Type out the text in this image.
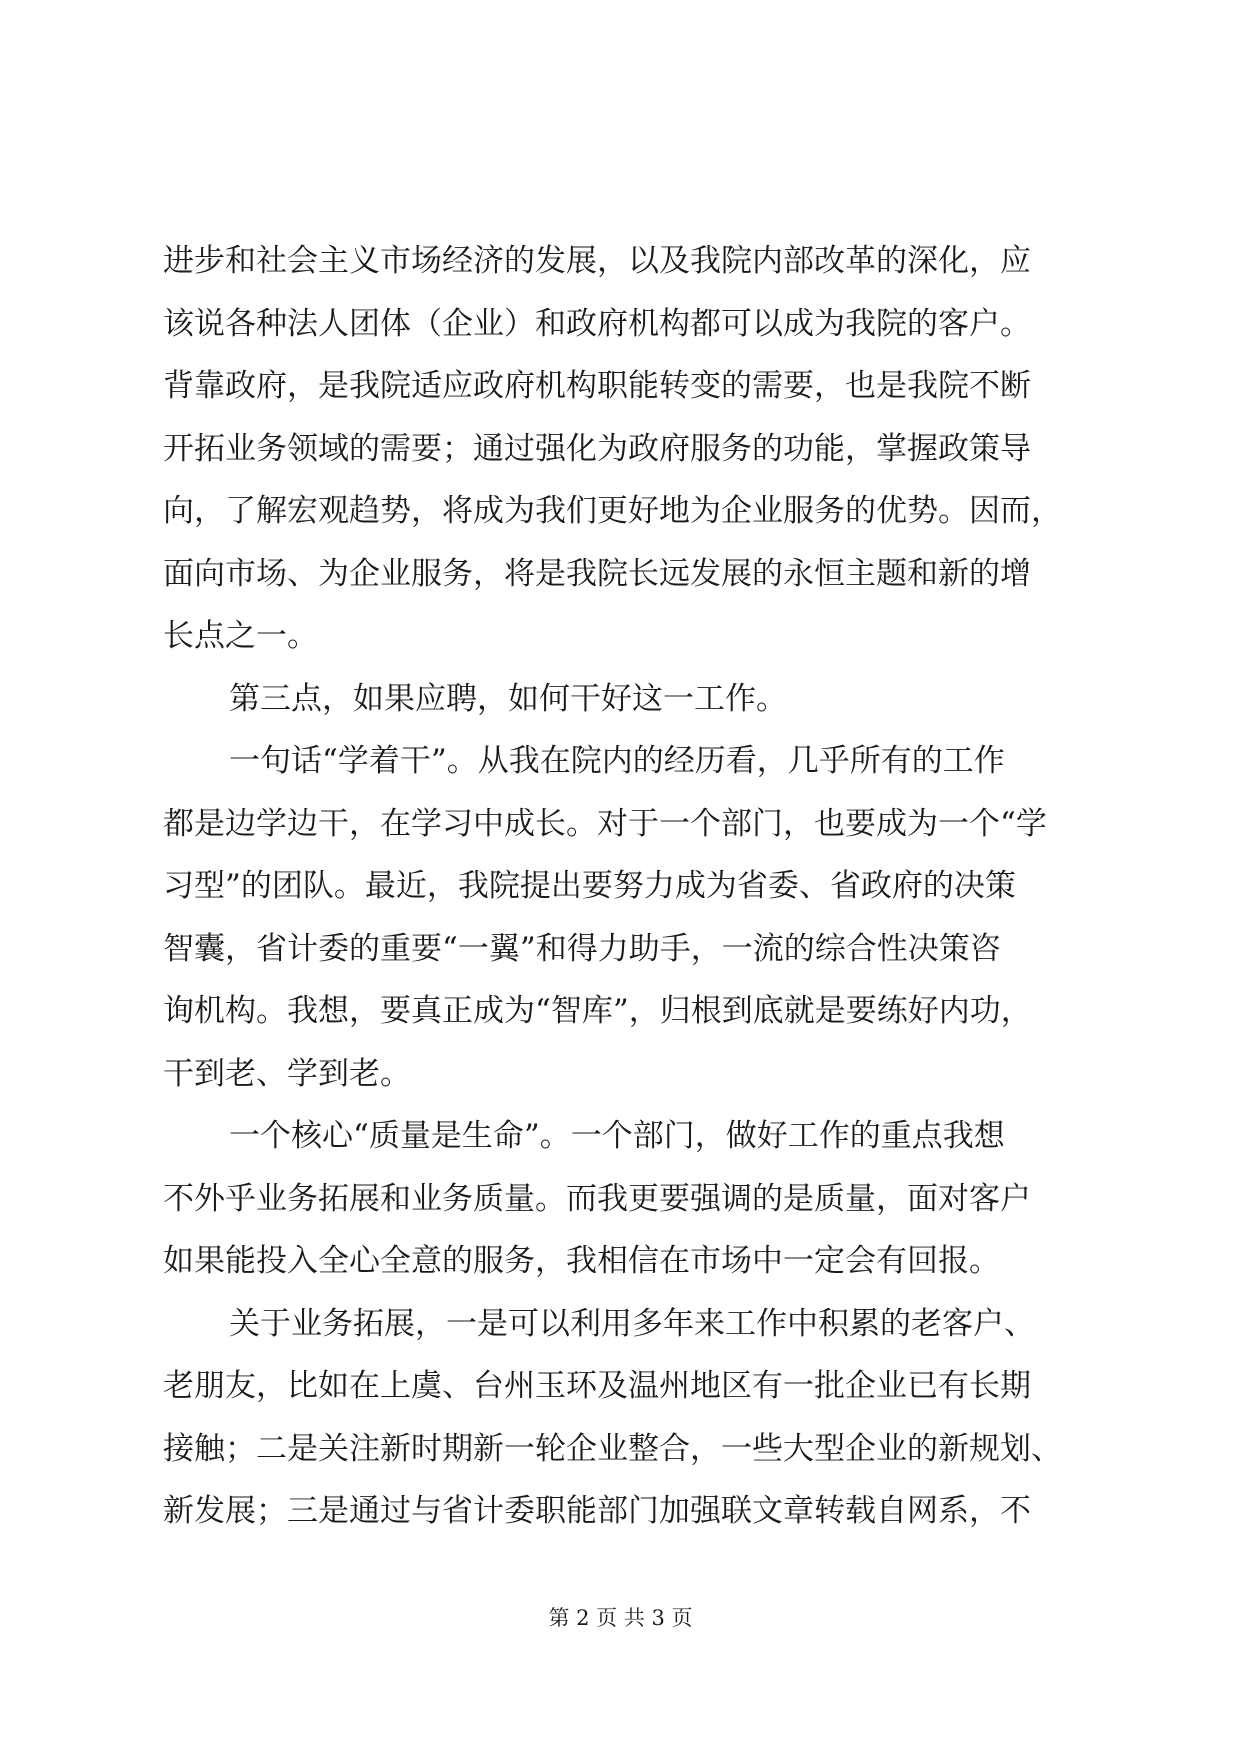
进步和社会主义市场经济的发展，以及我院内部改革的深化，应
该说各种法人团体（企业）和政府机构都可以成为我院的客户。
背靠政府，是我院适应政府机构职能转变的需要，也是我院不断
开拓业务领域的需要；通过强化为政府服务的功能，掌握政策导
向，了解宏观趋势，将成为我们更好地为企业服务的优势。因而，
面向市场、为企业服务，将是我院长远发展的永恒主题和新的增
长点之一。
第三点，如果应聘，如何干好这一工作。
一句话“学着干”。从我在院内的经历看，几乎所有的工作
都是边学边干，在学习中成长。对于一个部门，也要成为一个“学
习型”的团队。最近，我院提出要努力成为省委、省政府的决策
智囊，省计委的重要“一翼”和得力助手，一流的综合性决策咨
询机构。我想，要真正成为“智库”，归根到底就是要练好内功，
干到老、学到老。
一个核心“质量是生命”。一个部门，做好工作的重点我想
不外乎业务拓展和业务质量。而我更要强调的是质量，面对客户
如果能投入全心全意的服务，我相信在市场中一定会有回报。
关于业务拓展，一是可以利用多年来工作中积累的老客户、
老朋友，比如在上虞、台州玉环及温州地区有一批企业已有长期
接触；二是关注新时期新一轮企业整合，一些大型企业的新规划、
新发展；三是通过与省计委职能部门加强联文章转载自网系，不
第 2 页 共 3 页
